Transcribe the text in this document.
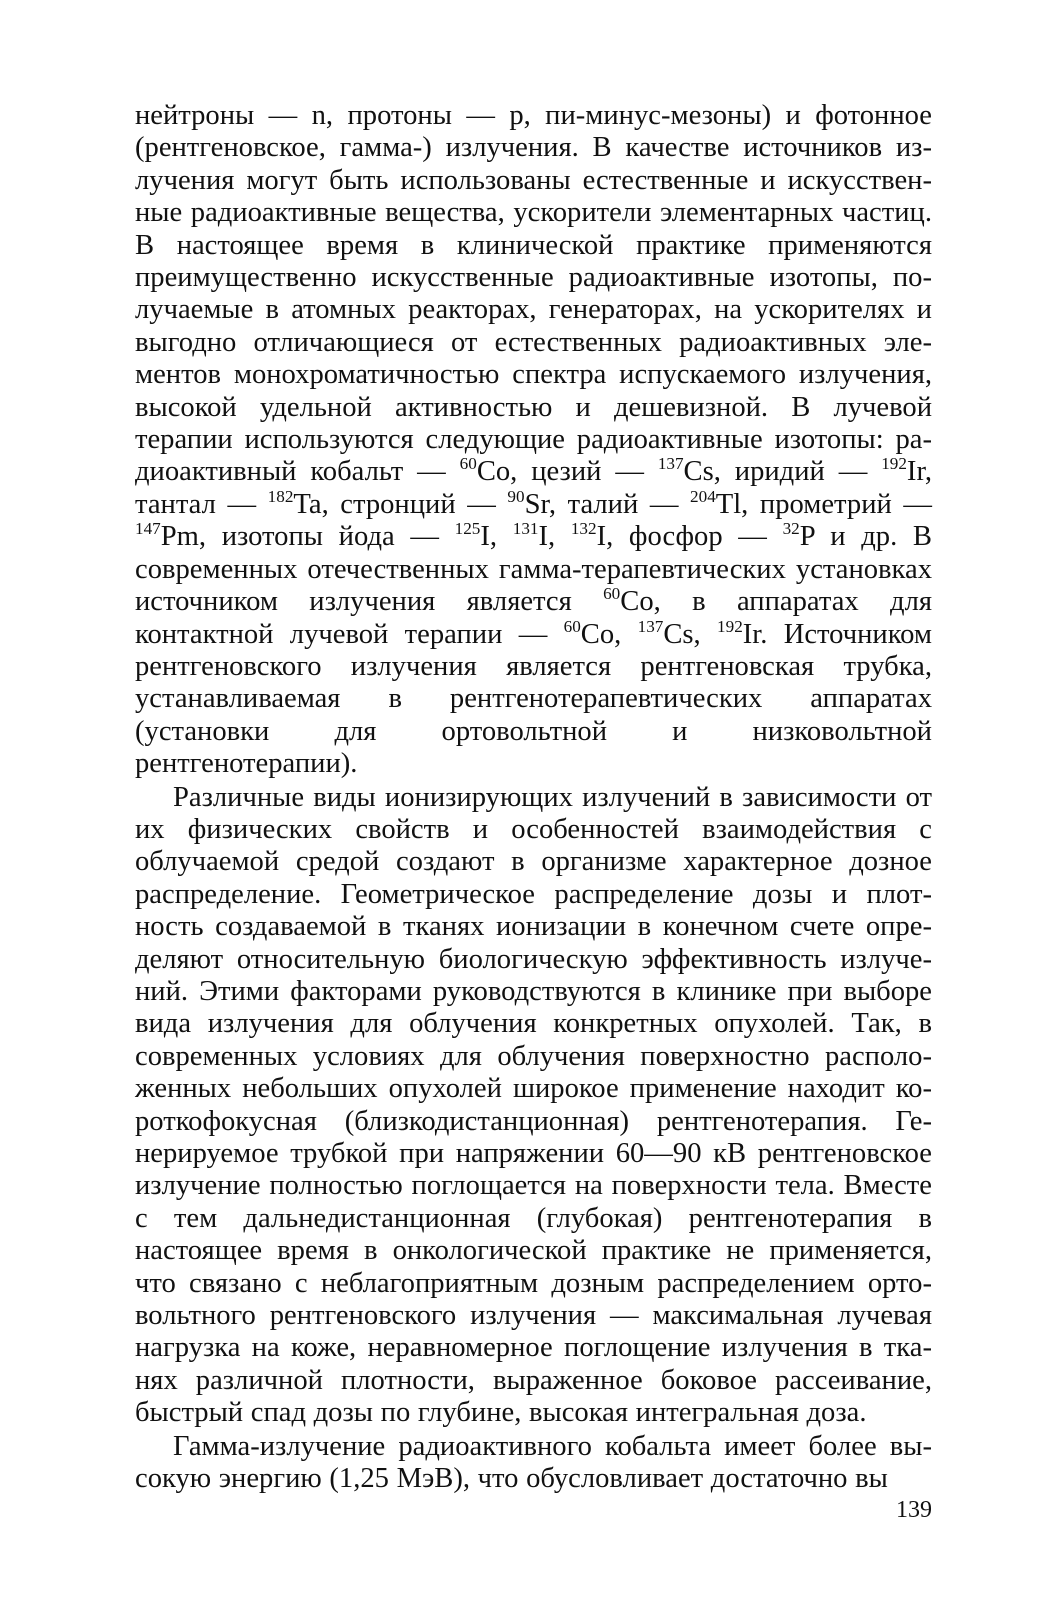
нейтроны — n, протоны — p, пи-минус-мезоны) и фотонное (рентгеновское, гамма-) излучения. В качестве источников излучения могут быть использованы естественные и искусственные радиоактивные вещества, ускорители элементарных частиц. В настоящее время в клинической практике применяются преимущественно искусственные радиоактивные изотопы, получаемые в атомных реакторах, генераторах, на ускорителях и выгодно отличающиеся от естественных радиоактивных элементов монохроматичностью спектра испускаемого излучения, высокой удельной активностью и дешевизной. В лучевой терапии используются следующие радиоактивные изотопы: радиоактивный кобальт — $^{60}$Co, цезий — $^{137}$Cs, иридий — $^{192}$Ir, тантал — $^{182}$Ta, стронций — $^{90}$Sr, талий — $^{204}$Tl, прометрий — $^{147}$Pm, изотопы йода — $^{125}$I, $^{131}$I, $^{132}$I, фосфор — $^{32}$P и др. В современных отечественных гамма-терапевтических установках источником излучения является $^{60}$Co, в аппаратах для контактной лучевой терапии — $^{60}$Co, $^{137}$Cs, $^{192}$Ir. Источником рентгеновского излучения является рентгеновская трубка, устанавливаемая в рентгенотерапевтических аппаратах (установки для ортовольтной и низковольтной рентгенотерапии).

Различные виды ионизирующих излучений в зависимости от их физических свойств и особенностей взаимодействия с облучаемой средой создают в организме характерное дозное распределение. Геометрическое распределение дозы и плотность создаваемой в тканях ионизации в конечном счете определяют относительную биологическую эффективность излучений. Этими факторами руководствуются в клинике при выборе вида излучения для облучения конкретных опухолей. Так, в современных условиях для облучения поверхностно расположенных небольших опухолей широкое применение находит короткофокусная (близкодистанционная) рентгенотерапия. Генерируемое трубкой при напряжении 60—90 кВ рентгеновское излучение полностью поглощается на поверхности тела. Вместе с тем дальнедистанционная (глубокая) рентгенотерапия в настоящее время в онкологической практике не применяется, что связано с неблагоприятным дозным распределением ортовольтного рентгеновского излучения — максимальная лучевая нагрузка на коже, неравномерное поглощение излучения в тканях различной плотности, выраженное боковое рассеивание, быстрый спад дозы по глубине, высокая интегральная доза.

Гамма-излучение радиоактивного кобальта имеет более высокую энергию (1,25 МэВ), что обусловливает достаточно вы

139
